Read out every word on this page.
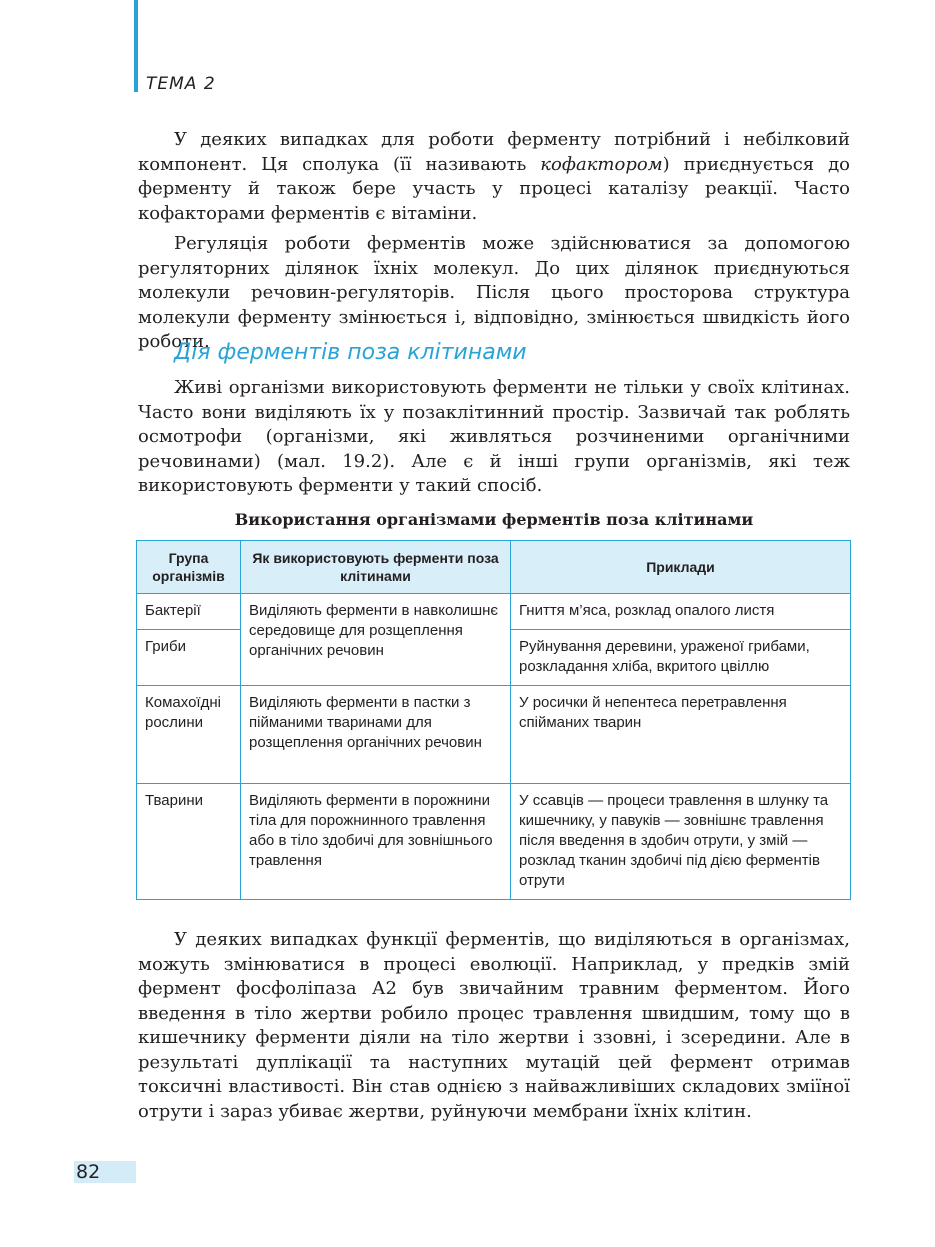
ТЕМА 2

У деяких випадках для роботи ферменту потрібний і небілковий компонент. Ця сполука (її називають кофактором) приєднується до ферменту й також бере участь у процесі каталізу реакції. Часто кофакторами ферментів є вітаміни.

Регуляція роботи ферментів може здійснюватися за допомогою регуляторних ділянок їхніх молекул. До цих ділянок приєднуються молекули речовин-регуляторів. Після цього просторова структура молекули ферменту змінюється і, відповідно, змінюється швидкість його роботи.

Дія ферментів поза клітинами

Живі організми використовують ферменти не тільки у своїх клітинах. Часто вони виділяють їх у позаклітинний простір. Зазвичай так роблять осмотрофи (організми, які живляться розчиненими органічними речовинами) (мал. 19.2). Але є й інші групи організмів, які теж використовують ферменти у такий спосіб.

Використання організмами ферментів поза клітинами
Група організмів	Як використовують ферменти поза клітинами	Приклади
Бактерії	Виділяють ферменти в навколишнє середовище для розщеплення органічних речовин	Гниття м’яса, розклад опалого листя
Гриби		Руйнування деревини, ураженої грибами, розкладання хліба, вкритого цвіллю
Комахоїдні рослини	Виділяють ферменти в пастки з пійманими тваринами для розщеплення органічних речовин	У росички й непентеса перетравлення спійманих тварин
Тварини	Виділяють ферменти в порожнини тіла для порожнинного травлення або в тіло здобичі для зовнішнього травлення	У ссавців — процеси травлення в шлунку та кишечнику, у павуків — зовнішнє травлення після введення в здобич отрути, у змій — розклад тканин здобичі під дією ферментів отрути

У деяких випадках функції ферментів, що виділяються в організмах, можуть змінюватися в процесі еволюції. Наприклад, у предків змій фермент фосфоліпаза А2 був звичайним травним ферментом. Його введення в тіло жертви робило процес травлення швидшим, тому що в кишечнику ферменти діяли на тіло жертви і ззовні, і зсередини. Але в результаті дуплікації та наступних мутацій цей фермент отримав токсичні властивості. Він став однією з найважливіших складових зміїної отрути і зараз убиває жертви, руйнуючи мембрани їхніх клітин.

82
